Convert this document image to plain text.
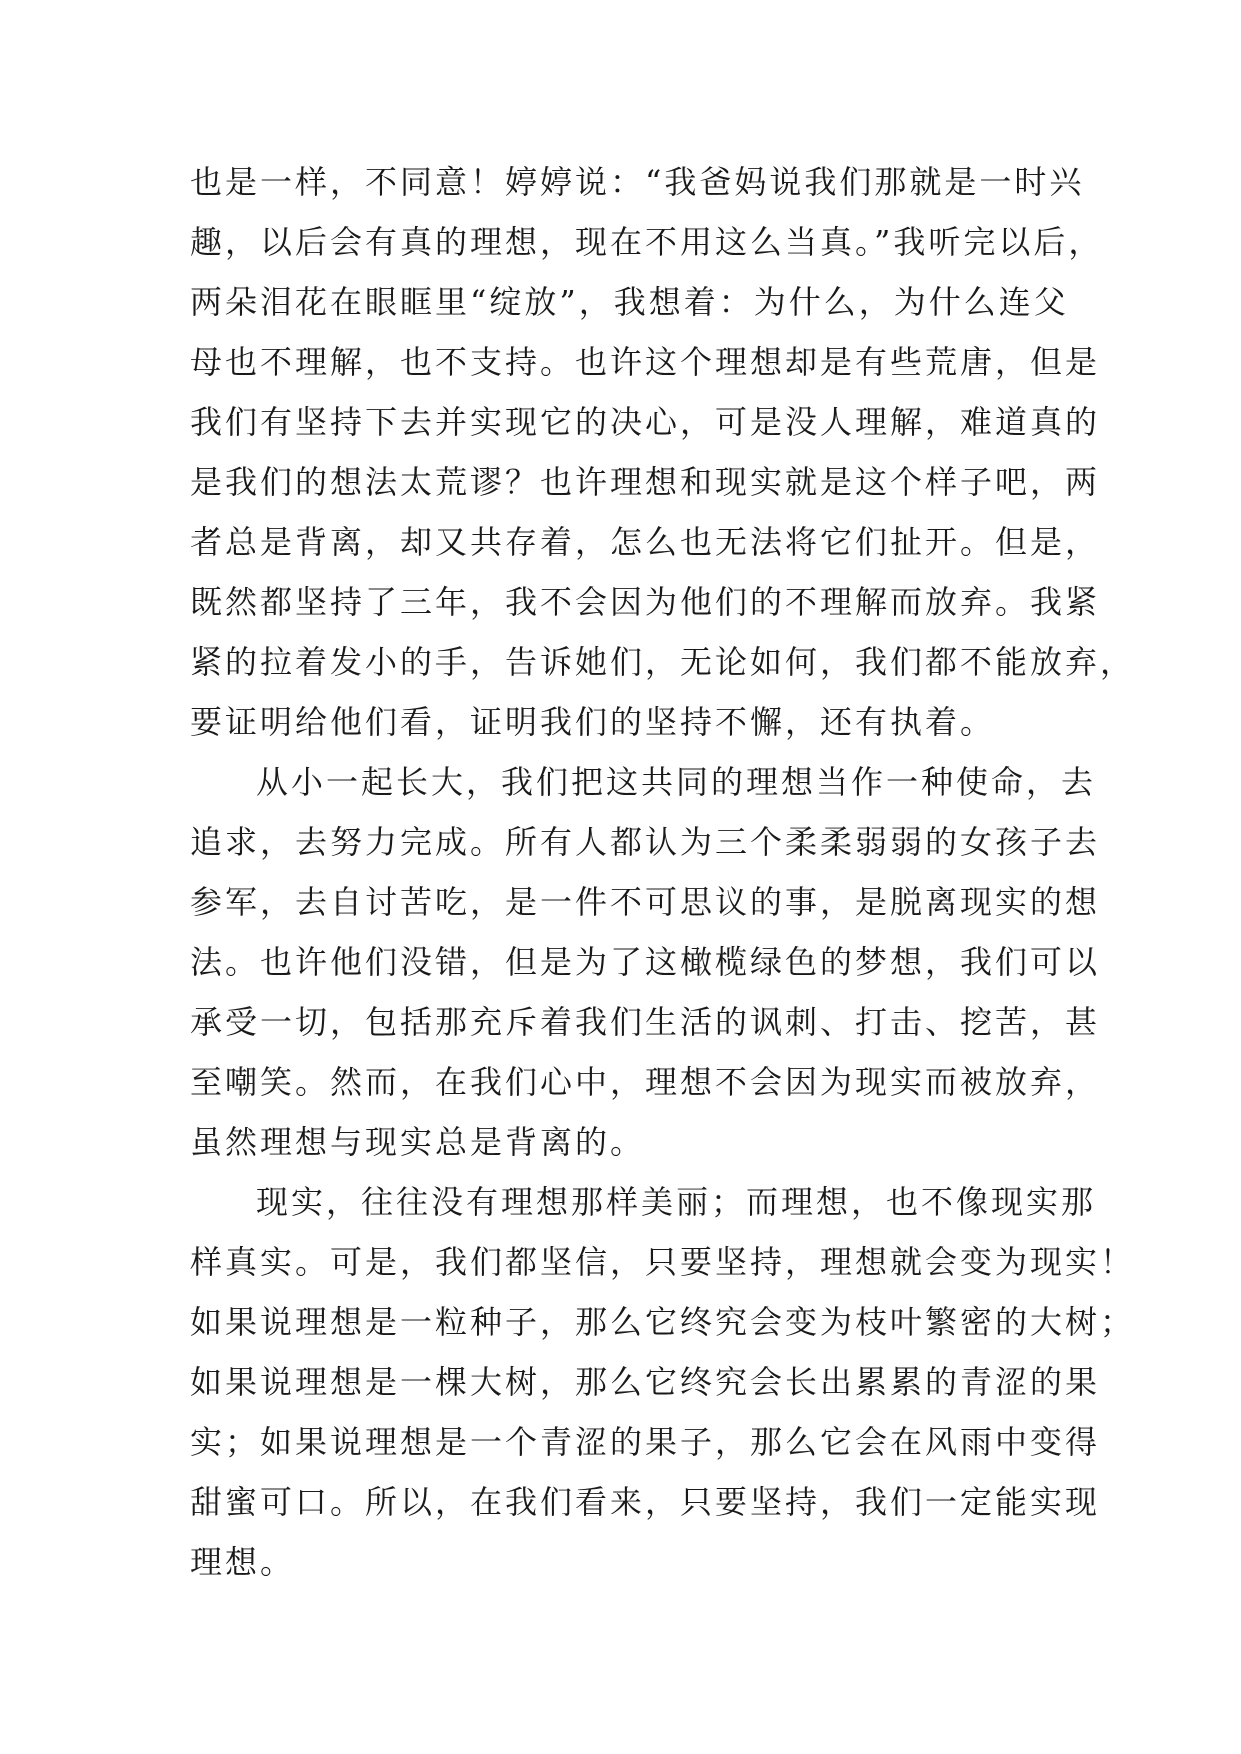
也是一样，不同意！婷婷说：“我爸妈说我们那就是一时兴
趣，以后会有真的理想，现在不用这么当真。”我听完以后，
两朵泪花在眼眶里“绽放”，我想着：为什么，为什么连父
母也不理解，也不支持。也许这个理想却是有些荒唐，但是
我们有坚持下去并实现它的决心，可是没人理解，难道真的
是我们的想法太荒谬？也许理想和现实就是这个样子吧，两
者总是背离，却又共存着，怎么也无法将它们扯开。但是，
既然都坚持了三年，我不会因为他们的不理解而放弃。我紧
紧的拉着发小的手，告诉她们，无论如何，我们都不能放弃，
要证明给他们看，证明我们的坚持不懈，还有执着。
从小一起长大，我们把这共同的理想当作一种使命，去
追求，去努力完成。所有人都认为三个柔柔弱弱的女孩子去
参军，去自讨苦吃，是一件不可思议的事，是脱离现实的想
法。也许他们没错，但是为了这橄榄绿色的梦想，我们可以
承受一切，包括那充斥着我们生活的讽刺、打击、挖苦，甚
至嘲笑。然而，在我们心中，理想不会因为现实而被放弃，
虽然理想与现实总是背离的。
现实，往往没有理想那样美丽；而理想，也不像现实那
样真实。可是，我们都坚信，只要坚持，理想就会变为现实！
如果说理想是一粒种子，那么它终究会变为枝叶繁密的大树；
如果说理想是一棵大树，那么它终究会长出累累的青涩的果
实；如果说理想是一个青涩的果子，那么它会在风雨中变得
甜蜜可口。所以，在我们看来，只要坚持，我们一定能实现
理想。
